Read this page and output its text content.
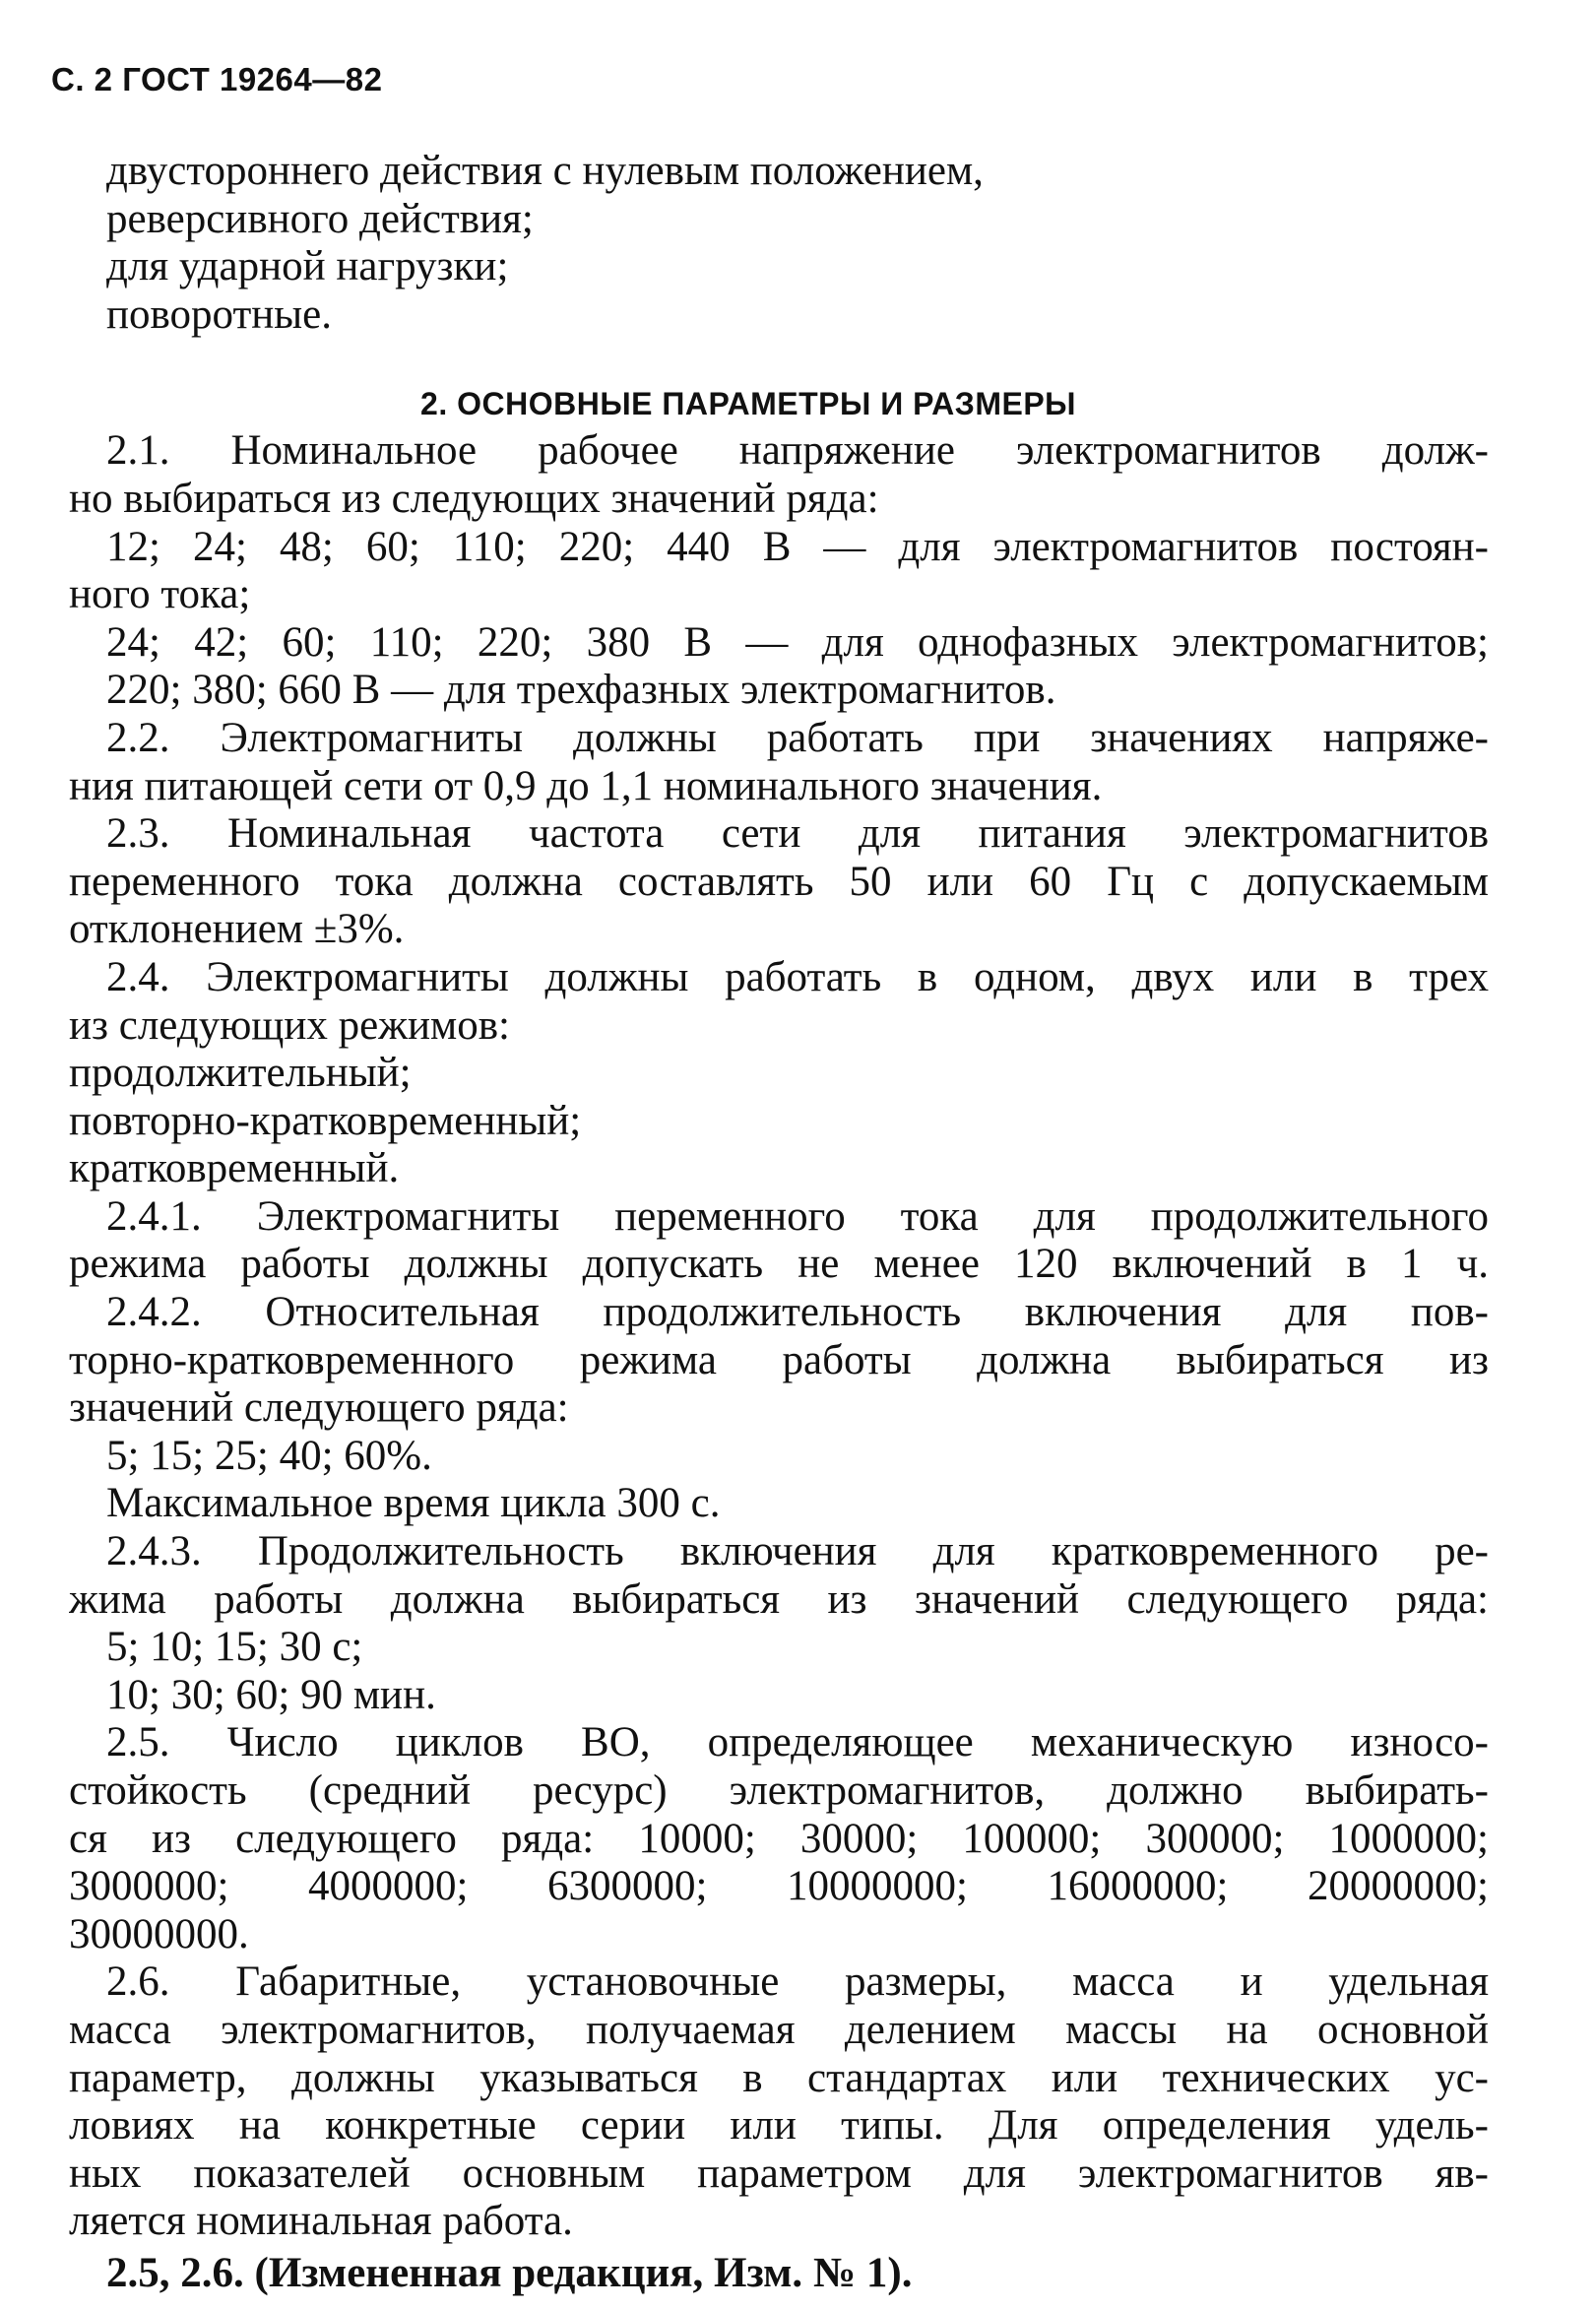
С. 2 ГОСТ 19264—82
двустороннего действия с нулевым положением,
реверсивного действия;
для ударной нагрузки;
поворотные.
2. ОСНОВНЫЕ ПАРАМЕТРЫ И РАЗМЕРЫ
2.1. Номинальное рабочее напряжение электромагнитов долж-
но выбираться из следующих значений ряда:
12; 24; 48; 60; 110; 220; 440 В — для электромагнитов постоян-
ного тока;
24; 42; 60; 110; 220; 380 В — для однофазных электромагнитов;
220; 380; 660 В — для трехфазных электромагнитов.
2.2. Электромагниты должны работать при значениях напряже-
ния питающей сети от 0,9 до 1,1 номинального значения.
2.3. Номинальная частота сети для питания электромагнитов
переменного тока должна составлять 50 или 60 Гц с допускаемым
отклонением ±3%.
2.4. Электромагниты должны работать в одном, двух или в трех
из следующих режимов:
продолжительный;
повторно-кратковременный;
кратковременный.
2.4.1. Электромагниты переменного тока для продолжительного
режима работы должны допускать не менее 120 включений в 1 ч.
2.4.2. Относительная продолжительность включения для пов-
торно-кратковременного режима работы должна выбираться из
значений следующего ряда:
5; 15; 25; 40; 60%.
Максимальное время цикла 300 с.
2.4.3. Продолжительность включения для кратковременного ре-
жима работы должна выбираться из значений следующего ряда:
5; 10; 15; 30 с;
10; 30; 60; 90 мин.
2.5. Число циклов ВО, определяющее механическую износо-
стойкость (средний ресурс) электромагнитов, должно выбирать-
ся из следующего ряда: 10000; 30000; 100000; 300000; 1000000;
3000000; 4000000; 6300000; 10000000; 16000000; 20000000;
30000000.
2.6. Габаритные, установочные размеры, масса и удельная
масса электромагнитов, получаемая делением массы на основной
параметр, должны указываться в стандартах или технических ус-
ловиях на конкретные серии или типы. Для определения удель-
ных показателей основным параметром для электромагнитов яв-
ляется номинальная работа.
2.5, 2.6. (Измененная редакция, Изм. № 1).
